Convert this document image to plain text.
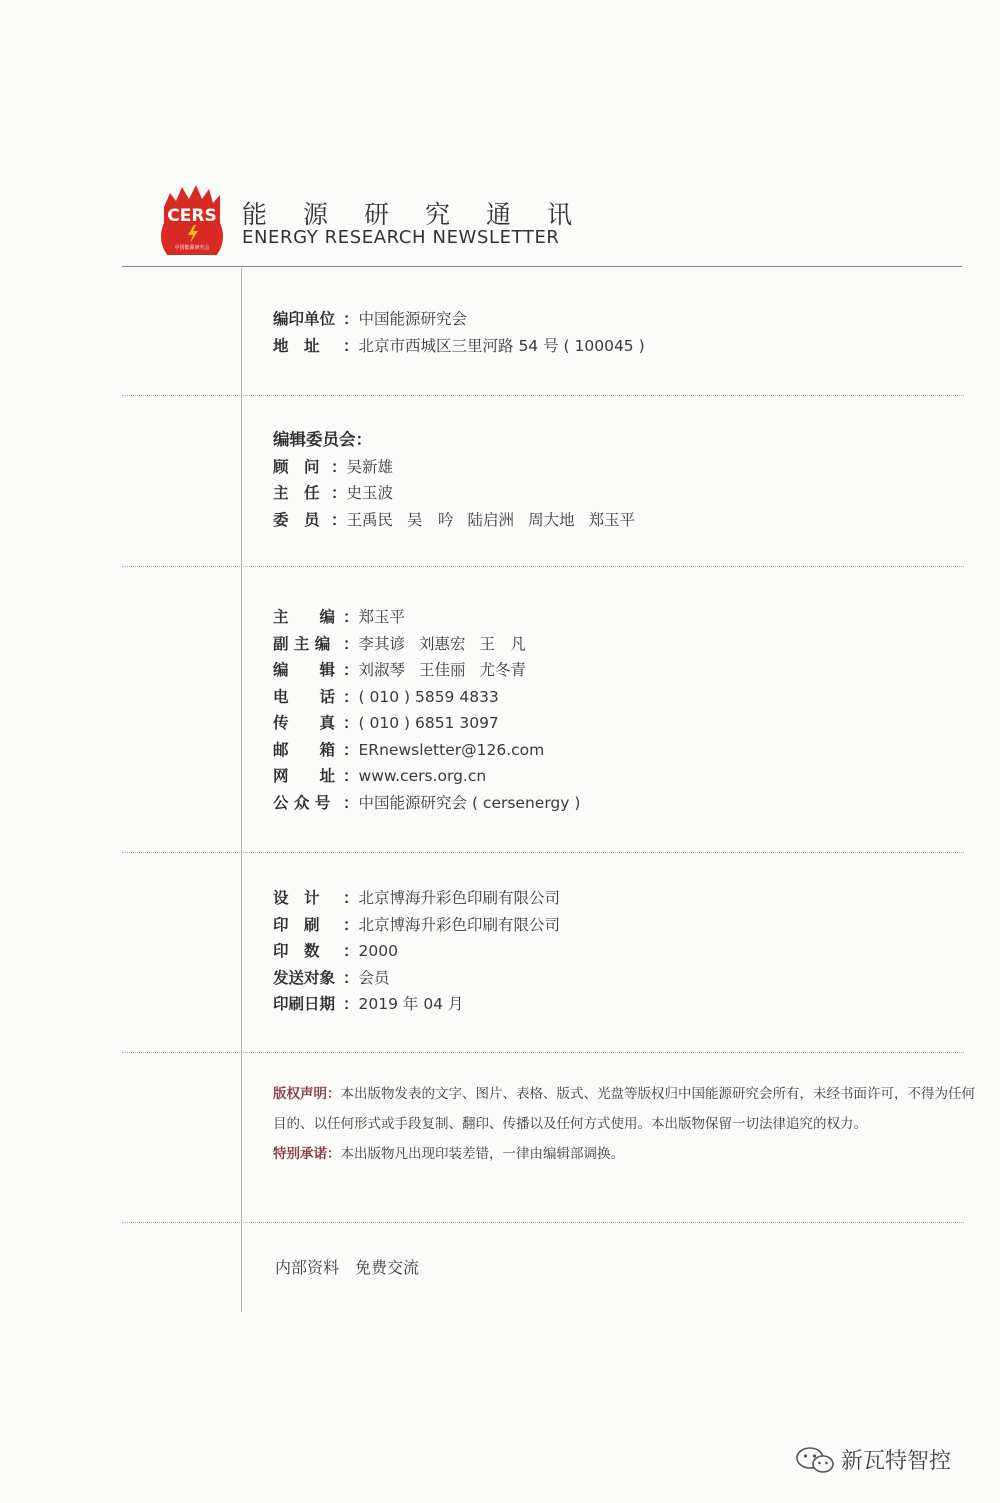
CERS
中国能源研究会
能源研究通讯
ENERGY RESEARCH NEWSLETTER
编印单位 ：中国能源研究会
地　址 ：北京市西城区三里河路 54 号 ( 100045 )
编辑委员会：
顾　问 ：吴新雄
主　任 ：史玉波
委　员 ：王禹民 吴　吟 陆启洲 周大地 郑玉平
主　　编 ：郑玉平
副 主 编 ：李其谚 刘惠宏 王　凡
编　　辑 ：刘淑琴 王佳丽 尤冬青
电　　话 ：( 010 ) 5859 4833
传　　真 ：( 010 ) 6851 3097
邮　　箱 ：ERnewsletter@126.com
网　　址 ：www.cers.org.cn
公 众 号 ：中国能源研究会 ( cersenergy )
设　计 ：北京博海升彩色印刷有限公司
印　刷 ：北京博海升彩色印刷有限公司
印　数 ：2000
发送对象 ：会员
印刷日期 ：2019 年 04 月
版权声明：本出版物发表的文字、图片、表格、版式、光盘等版权归中国能源研究会所有，未经书面许可，不得为任何目的、以任何形式或手段复制、翻印、传播以及任何方式使用。本出版物保留一切法律追究的权力。
特别承诺：本出版物凡出现印装差错，一律由编辑部调换。
内部资料 免费交流
新瓦特智控
